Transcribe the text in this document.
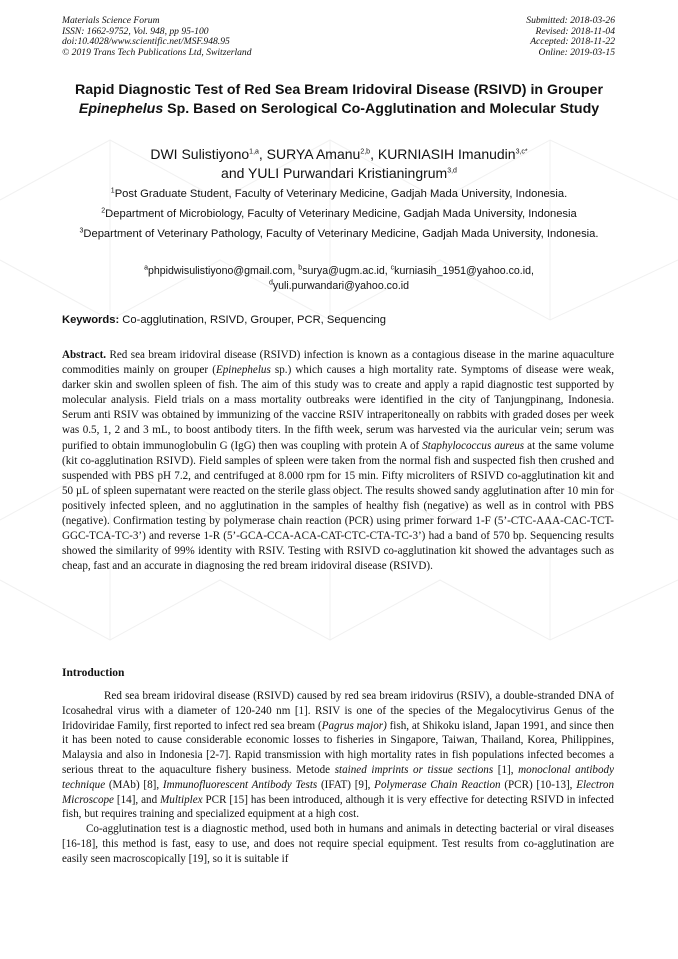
Materials Science Forum
ISSN: 1662-9752, Vol. 948, pp 95-100
doi:10.4028/www.scientific.net/MSF.948.95
© 2019 Trans Tech Publications Ltd, Switzerland
Submitted: 2018-03-26
Revised: 2018-11-04
Accepted: 2018-11-22
Online: 2019-03-15
Rapid Diagnostic Test of Red Sea Bream Iridoviral Disease (RSIVD) in Grouper Epinephelus Sp. Based on Serological Co-Agglutination and Molecular Study
DWI Sulistiyono$^{1,a}$, SURYA Amanu$^{2,b}$, KURNIASIH Imanudin$^{3,c*}$
and YULI Purwandari Kristianingrum$^{3,d}$
$^1$Post Graduate Student, Faculty of Veterinary Medicine, Gadjah Mada University, Indonesia.
$^2$Department of Microbiology, Faculty of Veterinary Medicine, Gadjah Mada University, Indonesia
$^3$Department of Veterinary Pathology, Faculty of Veterinary Medicine, Gadjah Mada University, Indonesia.
$^a$phpidwisulistiyono@gmail.com, $^b$surya@ugm.ac.id, $^c$kurniasih_1951@yahoo.co.id,
$^d$yuli.purwandari@yahoo.co.id
Keywords: Co-agglutination, RSIVD, Grouper, PCR, Sequencing
Abstract. Red sea bream iridoviral disease (RSIVD) infection is known as a contagious disease in the marine aquaculture commodities mainly on grouper (Epinephelus sp.) which causes a high mortality rate. Symptoms of disease were weak, darker skin and swollen spleen of fish. The aim of this study was to create and apply a rapid diagnostic test supported by molecular analysis. Field trials on a mass mortality outbreaks were identified in the city of Tanjungpinang, Indonesia. Serum anti RSIV was obtained by immunizing of the vaccine RSIV intraperitoneally on rabbits with graded doses per week was 0.5, 1, 2 and 3 mL, to boost antibody titers. In the fifth week, serum was harvested via the auricular vein; serum was purified to obtain immunoglobulin G (IgG) then was coupling with protein A of Staphylococcus aureus at the same volume (kit co-agglutination RSIVD). Field samples of spleen were taken from the normal fish and suspected fish then crushed and suspended with PBS pH 7.2, and centrifuged at 8.000 rpm for 15 min. Fifty microliters of RSIVD co-agglutination kit and 50 µL of spleen supernatant were reacted on the sterile glass object. The results showed sandy agglutination after 10 min for positively infected spleen, and no agglutination in the samples of healthy fish (negative) as well as in control with PBS (negative). Confirmation testing by polymerase chain reaction (PCR) using primer forward 1-F (5’-CTC-AAA-CAC-TCT-GGC-TCA-TC-3’) and reverse 1-R (5’-GCA-CCA-ACA-CAT-CTC-CTA-TC-3’) had a band of 570 bp. Sequencing results showed the similarity of 99% identity with RSIV. Testing with RSIVD co-agglutination kit showed the advantages such as cheap, fast and an accurate in diagnosing the red bream iridoviral disease (RSIVD).
Introduction

Red sea bream iridoviral disease (RSIVD) caused by red sea bream iridovirus (RSIV), a double-stranded DNA of Icosahedral virus with a diameter of 120-240 nm [1]. RSIV is one of the species of the Megalocytivirus Genus of the Iridoviridae Family, first reported to infect red sea bream (Pagrus major) fish, at Shikoku island, Japan 1991, and since then it has been noted to cause considerable economic losses to fisheries in Singapore, Taiwan, Thailand, Korea, Philippines, Malaysia and also in Indonesia [2-7]. Rapid transmission with high mortality rates in fish populations infected becomes a serious threat to the aquaculture fishery business. Metode stained imprints or tissue sections [1], monoclonal antibody technique (MAb) [8], Immunofluorescent Antibody Tests (IFAT) [9], Polymerase Chain Reaction (PCR) [10-13], Electron Microscope [14], and Multiplex PCR [15] has been introduced, although it is very effective for detecting RSIVD in infected fish, but requires training and specialized equipment at a high cost.

Co-agglutination test is a diagnostic method, used both in humans and animals in detecting bacterial or viral diseases [16-18], this method is fast, easy to use, and does not require special equipment. Test results from co-agglutination are easily seen macroscopically [19], so it is suitable if
